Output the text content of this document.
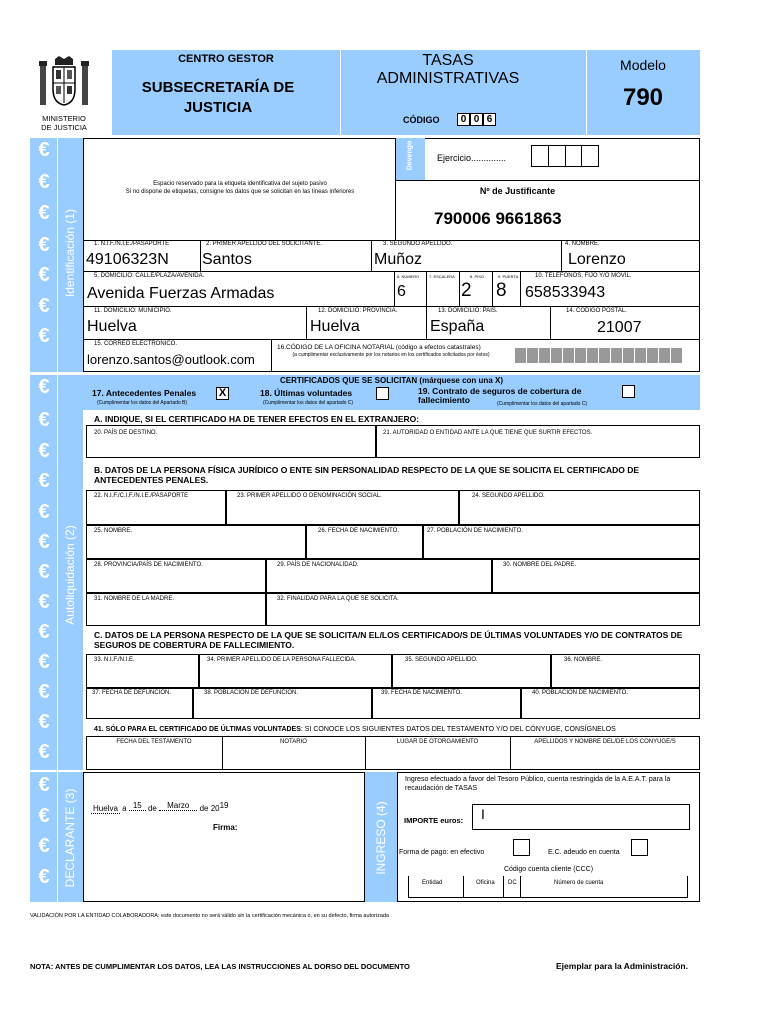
MINISTERIO
DE JUSTICIA
CENTRO GESTOR
SUBSECRETARÍA DE JUSTICIA
TASAS
ADMINISTRATIVAS
CÓDIGO	0 0 6
Modelo
790
Identificación (1)
Autoliquidación (2)
DECLARANTE (3)
€
€
€
€
€
€
€
€
€
€
€
€
€
€
€
€
€
€
€
€
€
€
€
€
Espacio reservado para la etiqueta identificativa del sujeto pasivo
Si no dispone de etiquetas, consigne los datos que se solicitan en las líneas inferiores
Devengo	Ejercicio..............
Nº de Justificante
790006 9661863
1. N.I.F./N.I.E./PASAPORTE
49106323N
2. PRIMER APELLIDO DEL SOLICITANTE.
Santos
3. SEGUNDO APELLIDO.
Muñoz
4. NOMBRE.
Lorenzo
5. DOMICILIO: CALLE/PLAZA/AVENIDA.
Avenida Fuerzas Armadas
6. NÚMERO
6
7. ESCALERA	8. PISO
2
9. PUERTA
8
10. TELÉFONOS, FIJO Y/O MÓVIL.
658533943
11. DOMICILIO: MUNICIPIO.
Huelva
12. DOMICILIO: PROVINCIA.
Huelva
13. DOMICILIO: PAÍS.
España
14. CÓDIGO POSTAL.
21007
15. CORREO ELECTRÓNICO.
lorenzo.santos@outlook.com
16.CÓDIGO DE LA OFICINA NOTARIAL (código a efectos catastrales)
(a cumplimentar exclusivamente por los notarios en los certificados solicitados por éstos)
CERTIFICADOS QUE SE SOLICITAN (márquese con una X)
17. Antecedentes Penales X
(Cumplimentar los datos del Apartado B)
18. Últimas voluntades
(Cumplimentar los datos del apartado C)
19. Contrato de seguros de cobertura de fallecimiento	(Cumplimentar los datos del apartado C)
A. INDIQUE, SI EL CERTIFICADO HA DE TENER EFECTOS EN EL EXTRANJERO:
20. PAÍS DE DESTINO.	21. AUTORIDAD O ENTIDAD ANTE LA QUE TIENE QUE SURTIR EFECTOS.
B. DATOS DE LA PERSONA FÍSICA JURÍDICO O ENTE SIN PERSONALIDAD RESPECTO DE LA QUE SE SOLICITA EL CERTIFICADO DE ANTECEDENTES PENALES.
22. N.I.F./C.I.F./N.I.E./PASAPORTE	23. PRIMER APELLIDO O DENOMINACIÓN SOCIAL.	24. SEGUNDO APELLIDO.
25. NOMBRE.	26. FECHA DE NACIMIENTO.	27. POBLACIÓN DE NACIMIENTO.
28. PROVINCIA/PAÍS DE NACIMIENTO.	29. PAÍS DE NACIONALIDAD.	30. NOMBRE DEL PADRE.
31. NOMBRE DE LA MADRE.	32. FINALIDAD PARA LA QUE SE SOLICITA.
C. DATOS DE LA PERSONA RESPECTO DE LA QUE SE SOLICITA/N EL/LOS CERTIFICADO/S DE ÚLTIMAS VOLUNTADES Y/O DE CONTRATOS DE SEGUROS DE COBERTURA DE FALLECIMIENTO.
33. N.I.F./N.I.E.	34. PRIMER APELLIDO DE LA PERSONA FALLECIDA.	35. SEGUNDO APELLIDO.	36. NOMBRE.
37. FECHA DE DEFUNCIÓN.	38. POBLACIÓN DE DEFUNCIÓN.	39. FECHA DE NACIMIENTO.	40. POBLACIÓN DE NACIMIENTO.
41. SÓLO PARA EL CERTIFICADO DE ÚLTIMAS VOLUNTADES: SI CONOCE LOS SIGUIENTES DATOS DEL TESTAMENTO Y/O DEL CÓNYUGE, CONSÍGNELOS
FECHA DEL TESTAMENTO	NOTARIO	LUGAR DE OTORGAMIENTO	APELLIDOS Y NOMBRE DEL/DE LOS CONYUGE/S
Huelva a 15 de Marzo de 2019
Firma:	INGRESO (4)
Ingreso efectuado a favor del Tesoro Público, cuenta restringida de la A.E.A.T. para la recaudación de TASAS
IMPORTE euros: I
Forma de pago: en efectivo	E.C. adeudo en cuenta
Código cuenta cliente (CCC)
Entidad	Oficina DC	Número de cuenta
VALIDACIÓN POR LA ENTIDAD COLABORADORA: este documento no será válido sin la certificación mecánica o, en su defecto, firma autorizada
NOTA: ANTES DE CUMPLIMENTAR LOS DATOS, LEA LAS INSTRUCCIONES AL DORSO DEL DOCUMENTO	Ejemplar para la Administración.
